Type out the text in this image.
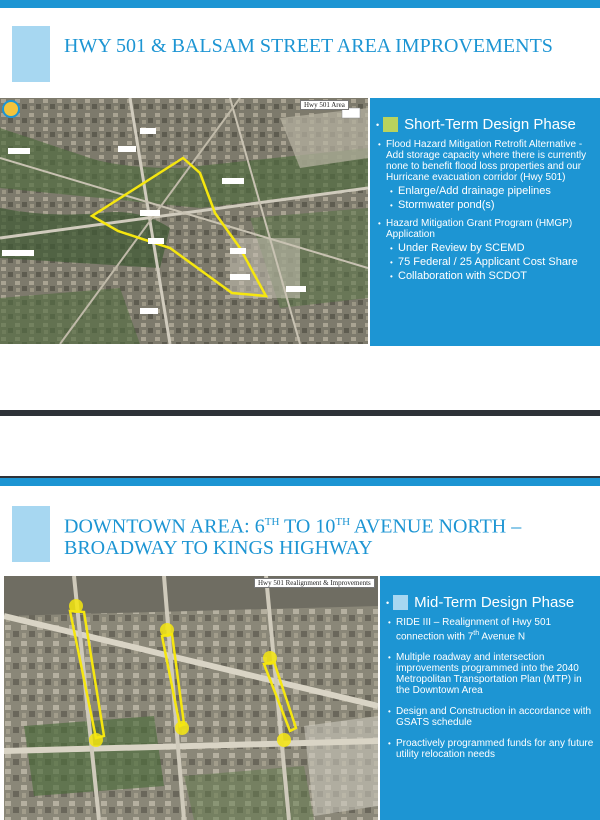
HWY 501 & BALSAM STREET AREA IMPROVEMENTS
Hwy 501 Area
• Short-Term Design Phase
• Flood Hazard Mitigation Retrofit Alternative - Add storage capacity where there is currently none to benefit flood loss properties and our Hurricane evacuation corridor (Hwy 501)
• Enlarge/Add drainage pipelines
• Stormwater pond(s)
• Hazard Mitigation Grant Program (HMGP) Application
• Under Review by SCEMD
• 75 Federal / 25 Applicant Cost Share
• Collaboration with SCDOT
DOWNTOWN AREA: 6TH TO 10TH AVENUE NORTH – BROADWAY TO KINGS HIGHWAY
Hwy 501 Realignment & Improvements
• Mid-Term Design Phase
• RIDE III – Realignment of Hwy 501 connection with 7th Avenue N
• Multiple roadway and intersection improvements programmed into the 2040 Metropolitan Transportation Plan (MTP) in the Downtown Area
• Design and Construction in accordance with GSATS schedule
• Proactively programmed funds for any future utility relocation needs
